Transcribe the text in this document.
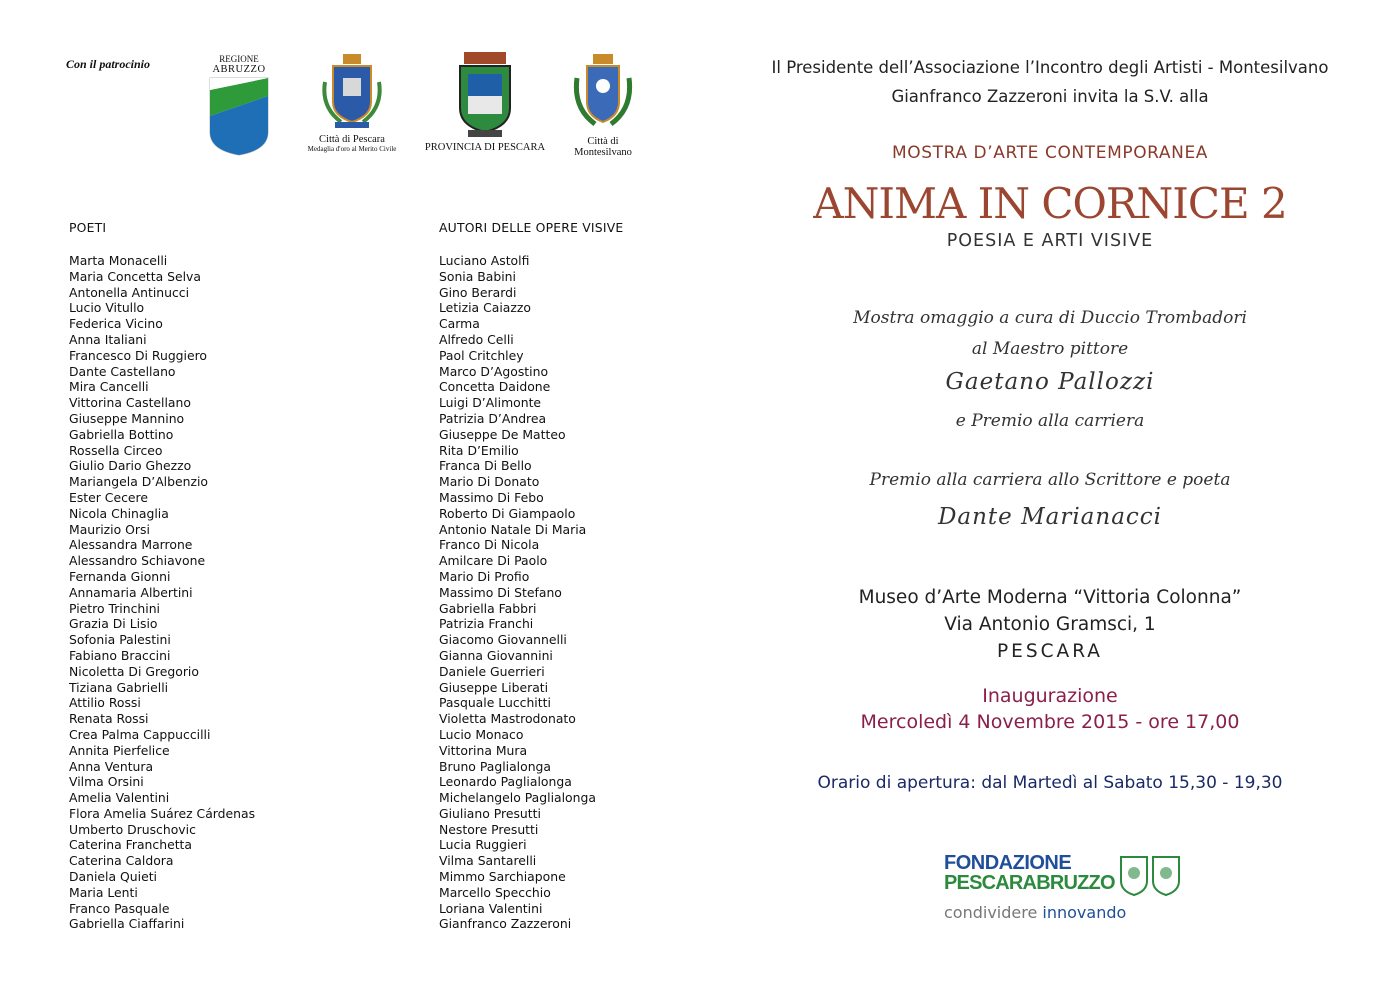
Con il patrocinio	REGIONE
ABRUZZO
Città di Pescara
Medaglia d'oro al Merito Civile	PROVINCIA DI PESCARA
Città di
Montesilvano
POETI
Marta Monacelli
Maria Concetta Selva
Antonella Antinucci
Lucio Vitullo
Federica Vicino
Anna Italiani
Francesco Di Ruggiero
Dante Castellano
Mira Cancelli
Vittorina Castellano
Giuseppe Mannino
Gabriella Bottino
Rossella Circeo
Giulio Dario Ghezzo
Mariangela D’Albenzio
Ester Cecere
Nicola Chinaglia
Maurizio Orsi
Alessandra Marrone
Alessandro Schiavone
Fernanda Gionni
Annamaria Albertini
Pietro Trinchini
Grazia Di Lisio
Sofonia Palestini
Fabiano Braccini
Nicoletta Di Gregorio
Tiziana Gabrielli
Attilio Rossi
Renata Rossi
Crea Palma Cappuccilli
Annita Pierfelice
Anna Ventura
Vilma Orsini
Amelia Valentini
Flora Amelia Suárez Cárdenas
Umberto Druschovic
Caterina Franchetta
Caterina Caldora
Daniela Quieti
Maria Lenti
Franco Pasquale
Gabriella Ciaffarini
AUTORI DELLE OPERE VISIVE
Luciano Astolfi
Sonia Babini
Gino Berardi
Letizia Caiazzo
Carma
Alfredo Celli
Paol Critchley
Marco D’Agostino
Concetta Daidone
Luigi D’Alimonte
Patrizia D’Andrea
Giuseppe De Matteo
Rita D’Emilio
Franca Di Bello
Mario Di Donato
Massimo Di Febo
Roberto Di Giampaolo
Antonio Natale Di Maria
Franco Di Nicola
Amilcare Di Paolo
Mario Di Profio
Massimo Di Stefano
Gabriella Fabbri
Patrizia Franchi
Giacomo Giovannelli
Gianna Giovannini
Daniele Guerrieri
Giuseppe Liberati
Pasquale Lucchitti
Violetta Mastrodonato
Lucio Monaco
Vittorina Mura
Bruno Paglialonga
Leonardo Paglialonga
Michelangelo Paglialonga
Giuliano Presutti
Nestore Presutti
Lucia Ruggieri
Vilma Santarelli
Mimmo Sarchiapone
Marcello Specchio
Loriana Valentini
Gianfranco Zazzeroni
Il Presidente dell’Associazione l’Incontro degli Artisti - Montesilvano
Gianfranco Zazzeroni invita la S.V. alla
MOSTRA D’ARTE CONTEMPORANEA
ANIMA IN CORNICE 2
POESIA E ARTI VISIVE
Mostra omaggio a cura di Duccio Trombadori
al Maestro pittore
Gaetano Pallozzi
e Premio alla carriera
Premio alla carriera allo Scrittore e poeta
Dante Marianacci
Museo d’Arte Moderna “Vittoria Colonna”
Via Antonio Gramsci, 1
PESCARA
Inaugurazione
Mercoledì 4 Novembre 2015 - ore 17,00
Orario di apertura: dal Martedì al Sabato 15,30 - 19,30
FONDAZIONE
PESCARABRUZZO
condividere innovando
